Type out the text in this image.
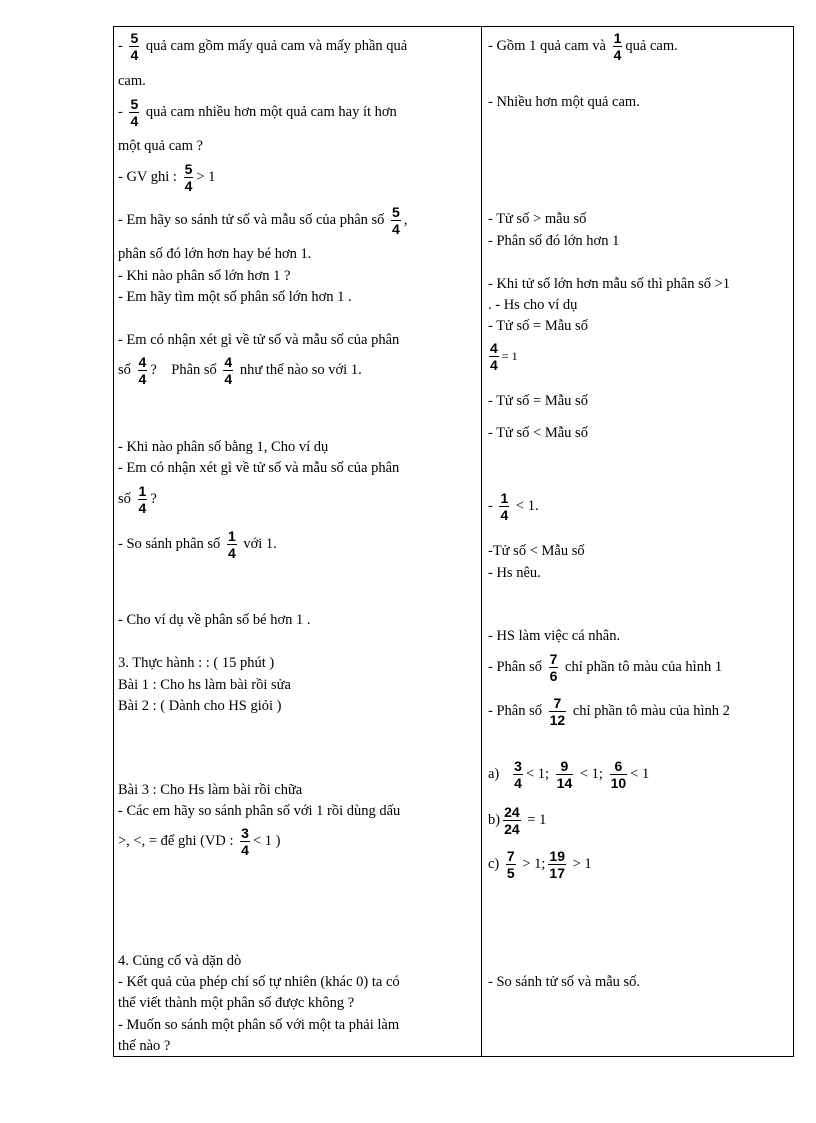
- $\frac{5}{4}$ quả cam gồm mấy quả cam và mấy phần quả
cam.
- $\frac{5}{4}$ quả cam nhiều hơn một quả cam hay ít hơn
một quả cam ?
- GV ghi : $\frac{5}{4} > 1$
- Em hãy so sánh tử số và mẫu số của phân số $\frac{5}{4}$ ,
phân số đó lớn hơn hay bé hơn 1.
- Khi nào phân số lớn hơn 1 ?
- Em hãy tìm một số phân số lớn hơn 1 .
- Em có nhận xét gì về tử số và mẫu số của phân
số $\frac{4}{4}$ ?    Phân số $\frac{4}{4}$ như thế nào so với 1.
- Khi nào phân số bằng 1, Cho ví dụ
- Em có nhận xét gì về tử số và mẫu số của phân
số $\frac{1}{4}$ ?
- So sánh phân số $\frac{1}{4}$ với 1.
- Cho ví dụ về phân số bé hơn 1 .
3. Thực hành : : ( 15 phút )
Bài 1 : Cho hs làm bài rồi sửa
Bài 2 : ( Dành cho HS giỏi )
Bài 3 : Cho Hs làm bài rồi chữa
- Các em hãy so sánh phân số với 1 rồi dùng dấu
>, <, = để ghi (VD : $\frac{3}{4} < 1$ )
4. Củng cố và dặn dò
- Kết quả của phép chí số tự nhiên (khác 0) ta có
thể viết thành một phân số được không ?
- Muốn so sánh một phân số với một ta phải làm
thế nào ?
- Gồm 1 quả cam và $\frac{1}{4}$ quả cam.
- Nhiều hơn một quả cam.
- Tử số > mẫu số
- Phân số đó lớn hơn 1
- Khi tử số lớn hơn mẫu số thì phân số >1
. - Hs cho ví dụ
- Tử số = Mẫu số
$\frac{4}{4} = 1$
- Tử số = Mẫu số
- Tử số < Mẫu số
- $\frac{1}{4} < 1$.
-Tử số < Mẫu số
- Hs nêu.
- HS làm việc cá nhân.
- Phân số $\frac{7}{6}$ chỉ phần tô màu của hình 1
- Phân số $\frac{7}{12}$ chỉ phần tô màu của hình 2
$a) \frac{3}{4} < 1$; $\frac{9}{14} < 1$; $\frac{6}{10} < 1$
$b) \frac{24}{24} = 1$
$c) \frac{7}{5} > 1$; $\frac{19}{17} > 1$
- So sánh tử số và mẫu số.
